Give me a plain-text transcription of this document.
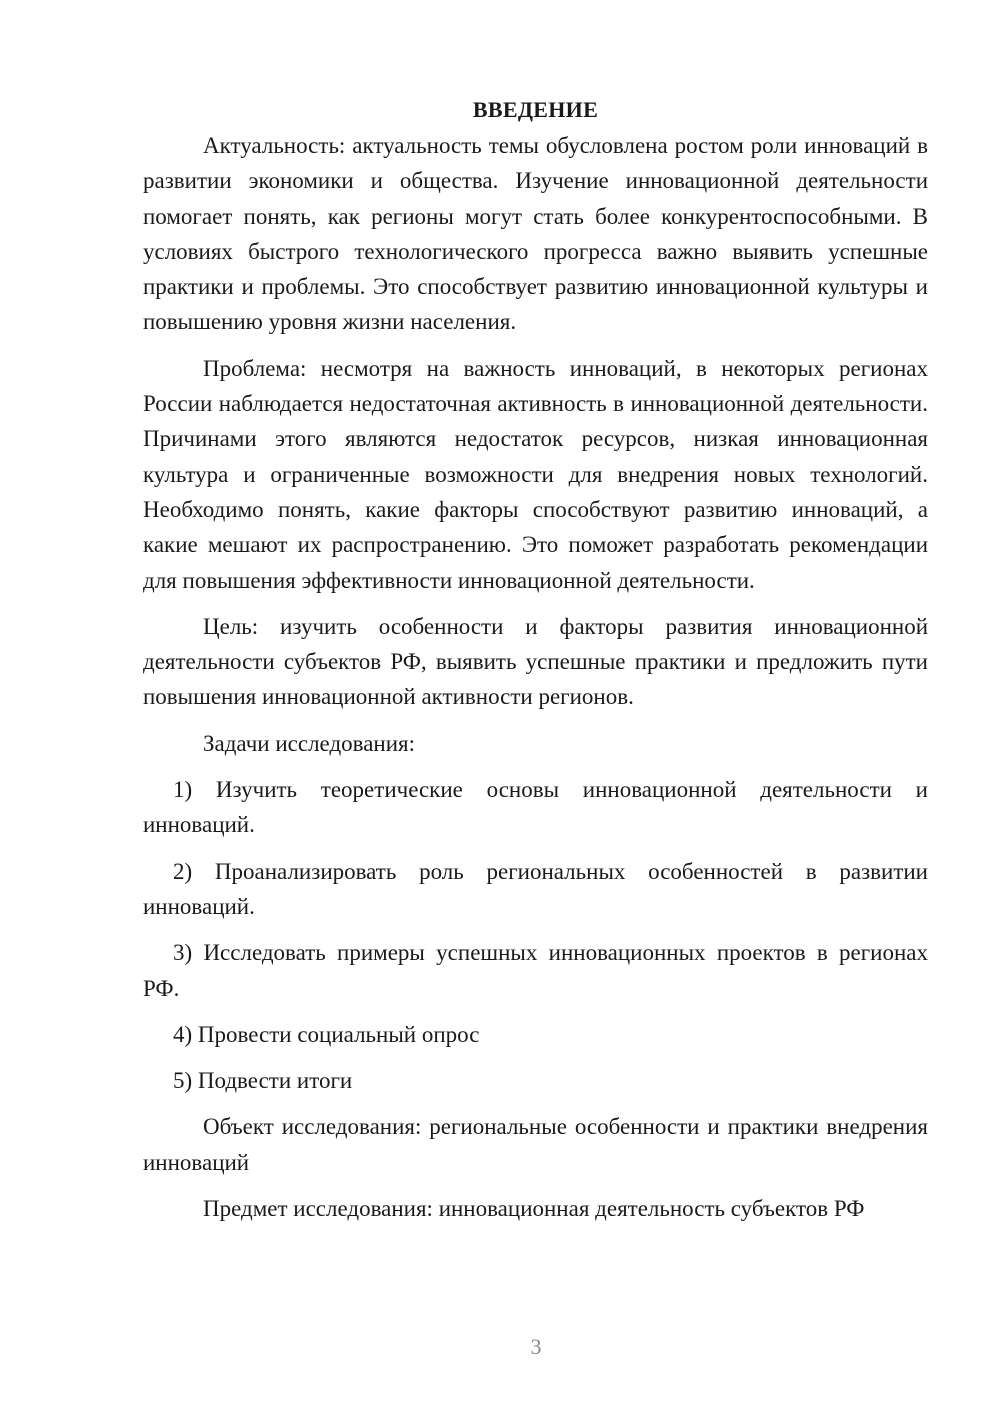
ВВЕДЕНИЕ

Актуальность: актуальность темы обусловлена ростом роли инноваций в развитии экономики и общества. Изучение инновационной деятельности помогает понять, как регионы могут стать более конкурентоспособными. В условиях быстрого технологического прогресса важно выявить успешные практики и проблемы. Это способствует развитию инновационной культуры и повышению уровня жизни населения.

Проблема: несмотря на важность инноваций, в некоторых регионах России наблюдается недостаточная активность в инновационной деятельности. Причинами этого являются недостаток ресурсов, низкая инновационная культура и ограниченные возможности для внедрения новых технологий. Необходимо понять, какие факторы способствуют развитию инноваций, а какие мешают их распространению. Это поможет разработать рекомендации для повышения эффективности инновационной деятельности.

Цель: изучить особенности и факторы развития инновационной деятельности субъектов РФ, выявить успешные практики и предложить пути повышения инновационной активности регионов.

Задачи исследования:

1) Изучить теоретические основы инновационной деятельности и инноваций.

2) Проанализировать роль региональных особенностей в развитии инноваций.

3) Исследовать примеры успешных инновационных проектов в регионах РФ.

4) Провести социальный опрос

5) Подвести итоги

Объект исследования: региональные особенности и практики внедрения инноваций

Предмет исследования: инновационная деятельность субъектов РФ

3
